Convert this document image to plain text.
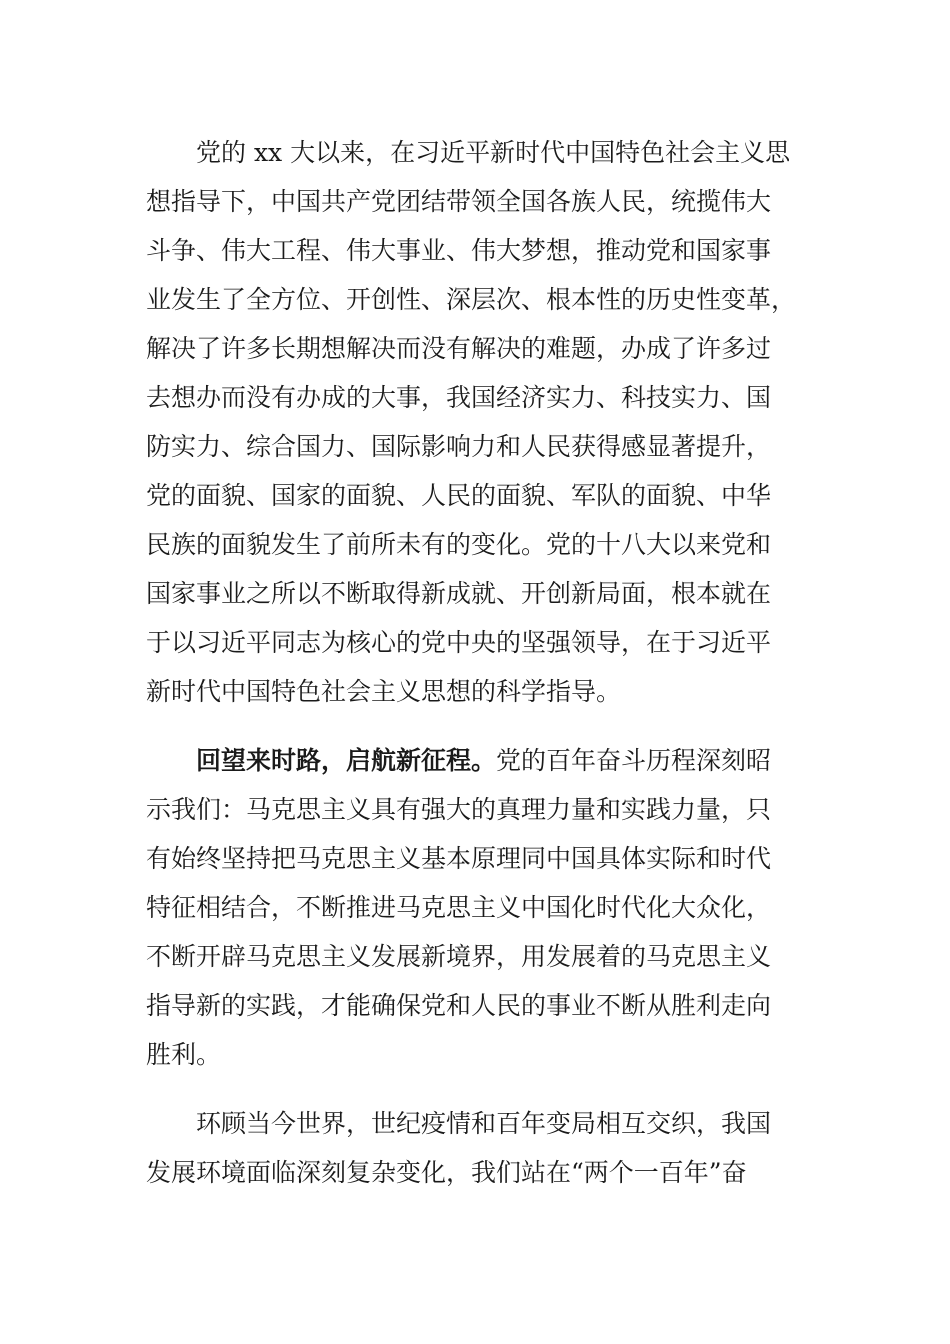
党的 xx 大以来，在习近平新时代中国特色社会主义思
想指导下，中国共产党团结带领全国各族人民，统揽伟大
斗争、伟大工程、伟大事业、伟大梦想，推动党和国家事
业发生了全方位、开创性、深层次、根本性的历史性变革，
解决了许多长期想解决而没有解决的难题，办成了许多过
去想办而没有办成的大事，我国经济实力、科技实力、国
防实力、综合国力、国际影响力和人民获得感显著提升，
党的面貌、国家的面貌、人民的面貌、军队的面貌、中华
民族的面貌发生了前所未有的变化。党的十八大以来党和
国家事业之所以不断取得新成就、开创新局面，根本就在
于以习近平同志为核心的党中央的坚强领导，在于习近平
新时代中国特色社会主义思想的科学指导。
回望来时路，启航新征程。党的百年奋斗历程深刻昭
示我们：马克思主义具有强大的真理力量和实践力量，只
有始终坚持把马克思主义基本原理同中国具体实际和时代
特征相结合，不断推进马克思主义中国化时代化大众化，
不断开辟马克思主义发展新境界，用发展着的马克思主义
指导新的实践，才能确保党和人民的事业不断从胜利走向
胜利。
环顾当今世界，世纪疫情和百年变局相互交织，我国
发展环境面临深刻复杂变化，我们站在“两个一百年”奋
